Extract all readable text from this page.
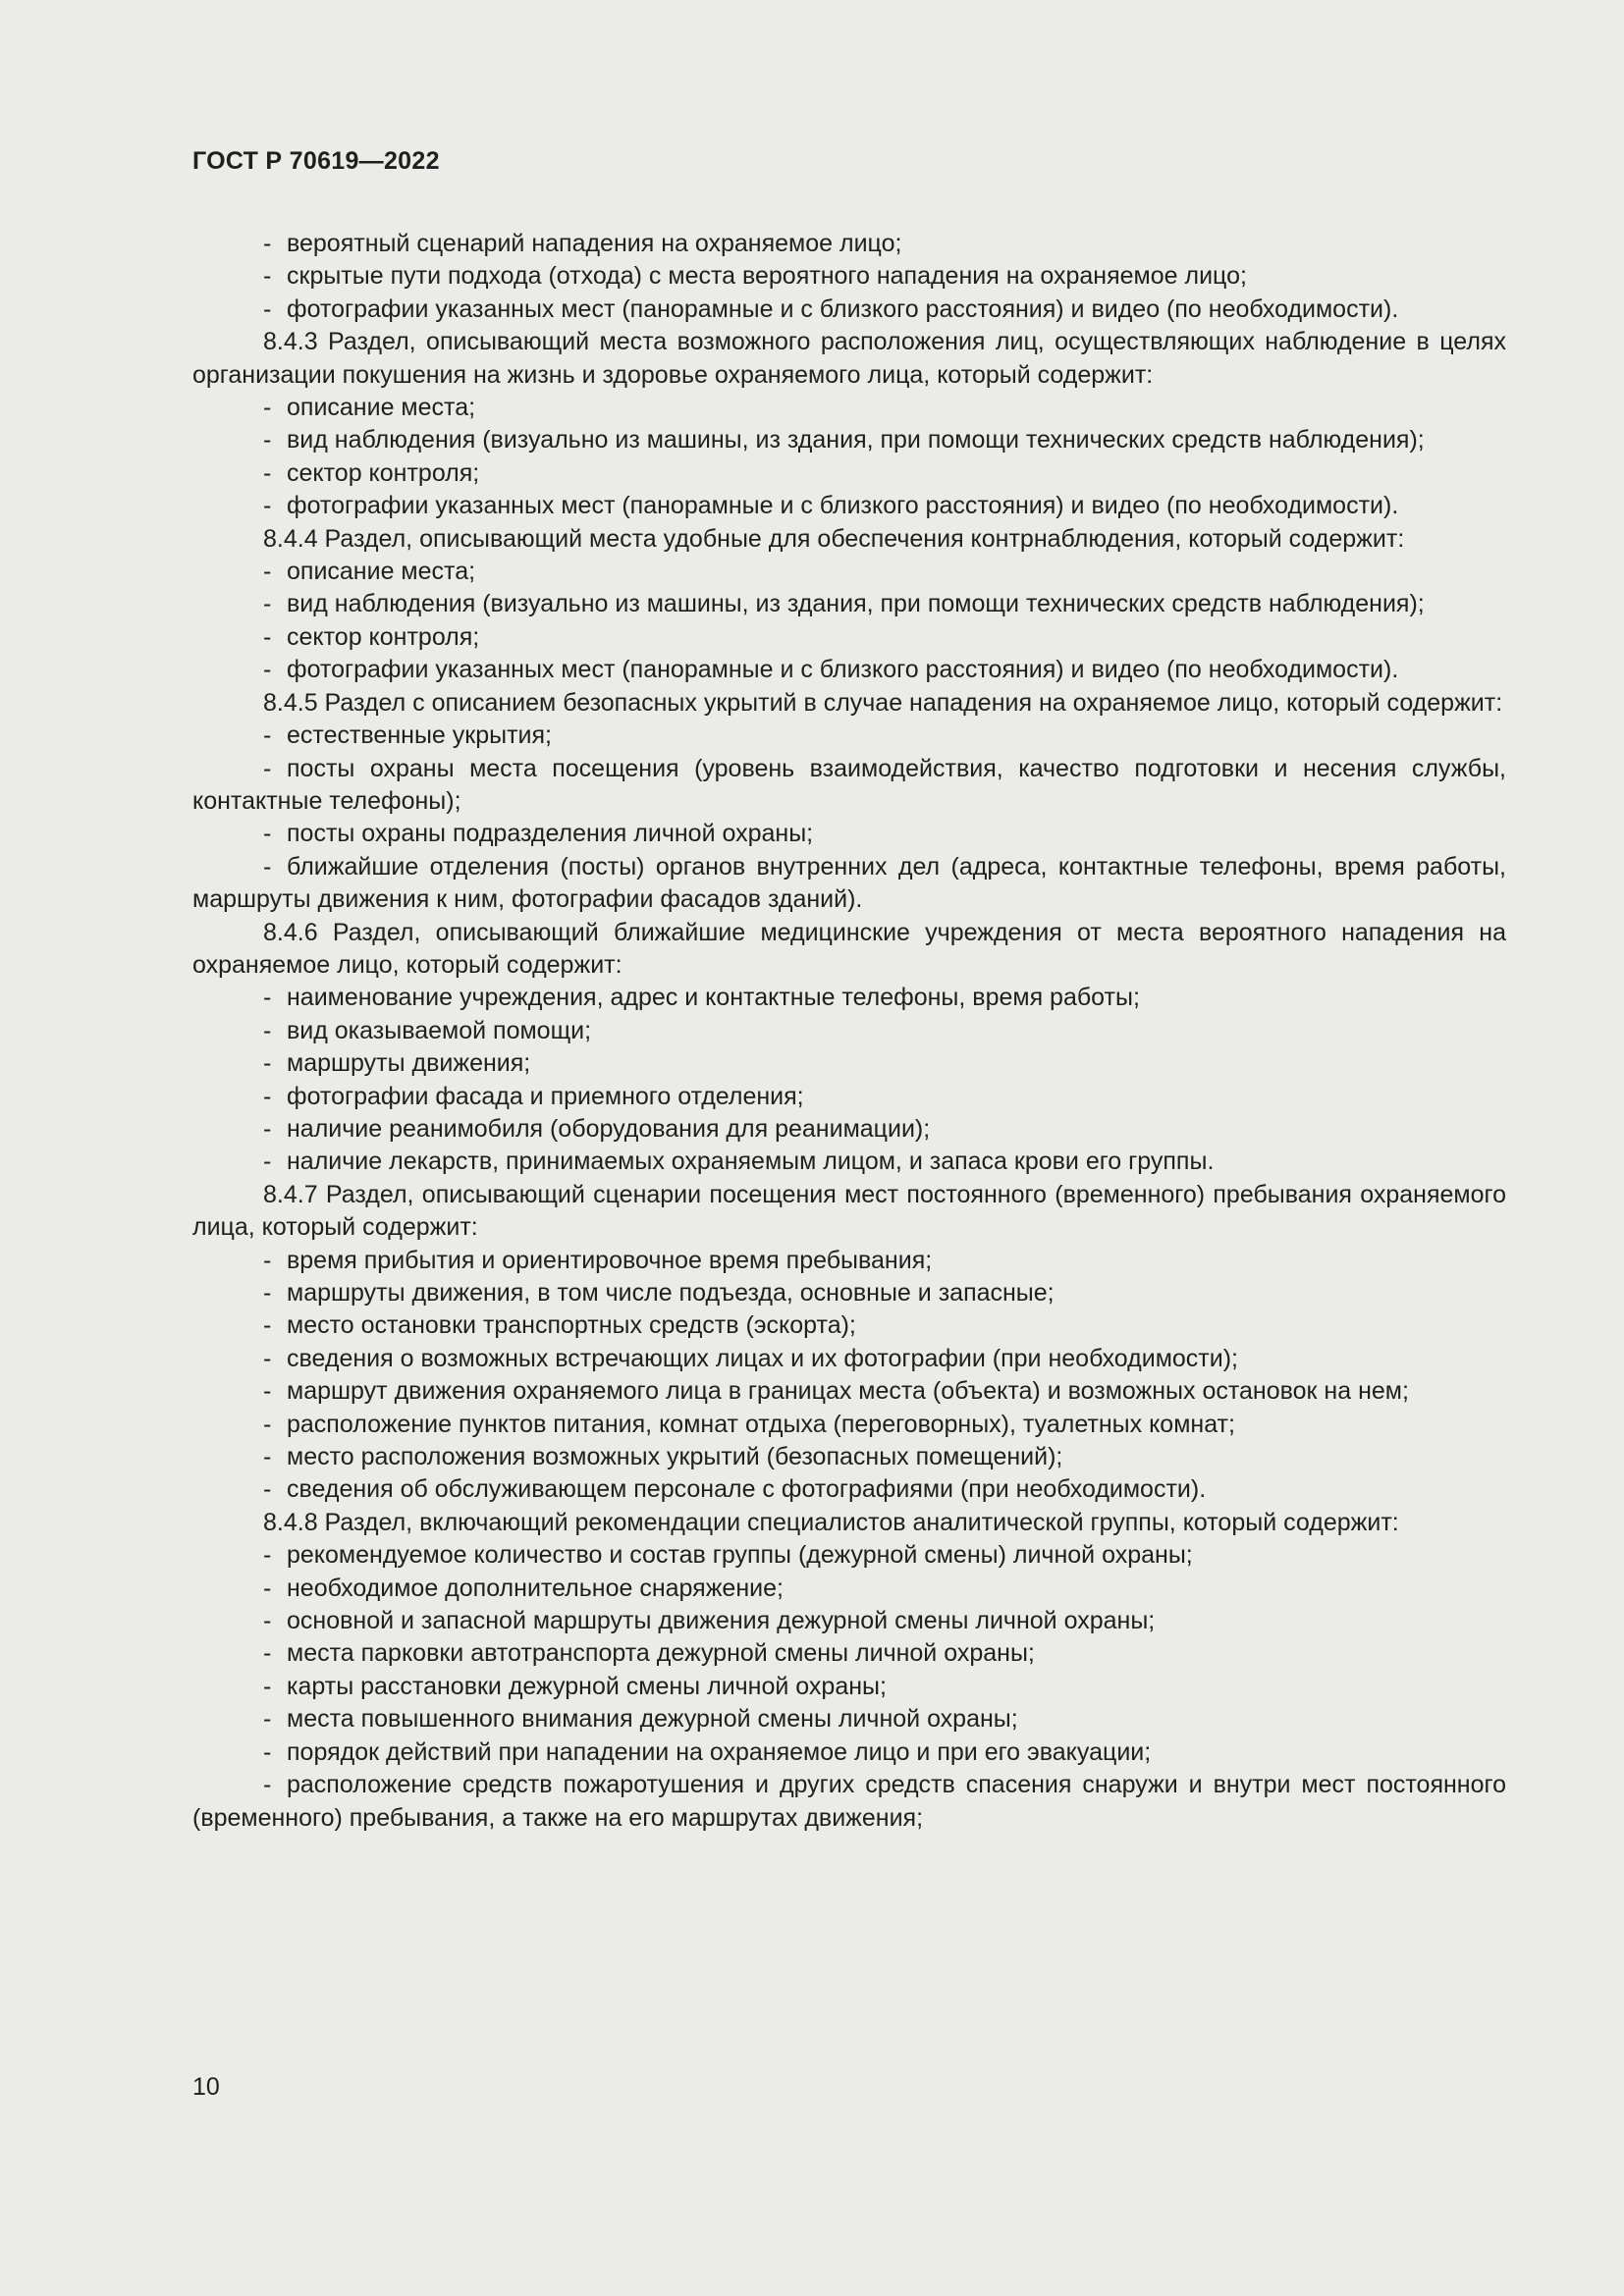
ГОСТ Р 70619—2022

- вероятный сценарий нападения на охраняемое лицо;

- скрытые пути подхода (отхода) с места вероятного нападения на охраняемое лицо;

- фотографии указанных мест (панорамные и с близкого расстояния) и видео (по необходимости).

8.4.3 Раздел, описывающий места возможного расположения лиц, осуществляющих наблюдение в целях организации покушения на жизнь и здоровье охраняемого лица, который содержит:

- описание места;

- вид наблюдения (визуально из машины, из здания, при помощи технических средств наблюдения);

- сектор контроля;

- фотографии указанных мест (панорамные и с близкого расстояния) и видео (по необходимости).

8.4.4 Раздел, описывающий места удобные для обеспечения контрнаблюдения, который содержит:

- описание места;

- вид наблюдения (визуально из машины, из здания, при помощи технических средств наблюдения);

- сектор контроля;

- фотографии указанных мест (панорамные и с близкого расстояния) и видео (по необходимости).

8.4.5 Раздел с описанием безопасных укрытий в случае нападения на охраняемое лицо, который содержит:

- естественные укрытия;

- посты охраны места посещения (уровень взаимодействия, качество подготовки и несения службы, контактные телефоны);

- посты охраны подразделения личной охраны;

- ближайшие отделения (посты) органов внутренних дел (адреса, контактные телефоны, время работы, маршруты движения к ним, фотографии фасадов зданий).

8.4.6 Раздел, описывающий ближайшие медицинские учреждения от места вероятного нападения на охраняемое лицо, который содержит:

- наименование учреждения, адрес и контактные телефоны, время работы;

- вид оказываемой помощи;

- маршруты движения;

- фотографии фасада и приемного отделения;

- наличие реанимобиля (оборудования для реанимации);

- наличие лекарств, принимаемых охраняемым лицом, и запаса крови его группы.

8.4.7 Раздел, описывающий сценарии посещения мест постоянного (временного) пребывания охраняемого лица, который содержит:

- время прибытия и ориентировочное время пребывания;

- маршруты движения, в том числе подъезда, основные и запасные;

- место остановки транспортных средств (эскорта);

- сведения о возможных встречающих лицах и их фотографии (при необходимости);

- маршрут движения охраняемого лица в границах места (объекта) и возможных остановок на нем;

- расположение пунктов питания, комнат отдыха (переговорных), туалетных комнат;

- место расположения возможных укрытий (безопасных помещений);

- сведения об обслуживающем персонале с фотографиями (при необходимости).

8.4.8 Раздел, включающий рекомендации специалистов аналитической группы, который содержит:

- рекомендуемое количество и состав группы (дежурной смены) личной охраны;

- необходимое дополнительное снаряжение;

- основной и запасной маршруты движения дежурной смены личной охраны;

- места парковки автотранспорта дежурной смены личной охраны;

- карты расстановки дежурной смены личной охраны;

- места повышенного внимания дежурной смены личной охраны;

- порядок действий при нападении на охраняемое лицо и при его эвакуации;

- расположение средств пожаротушения и других средств спасения снаружи и внутри мест постоянного (временного) пребывания, а также на его маршрутах движения;

10
